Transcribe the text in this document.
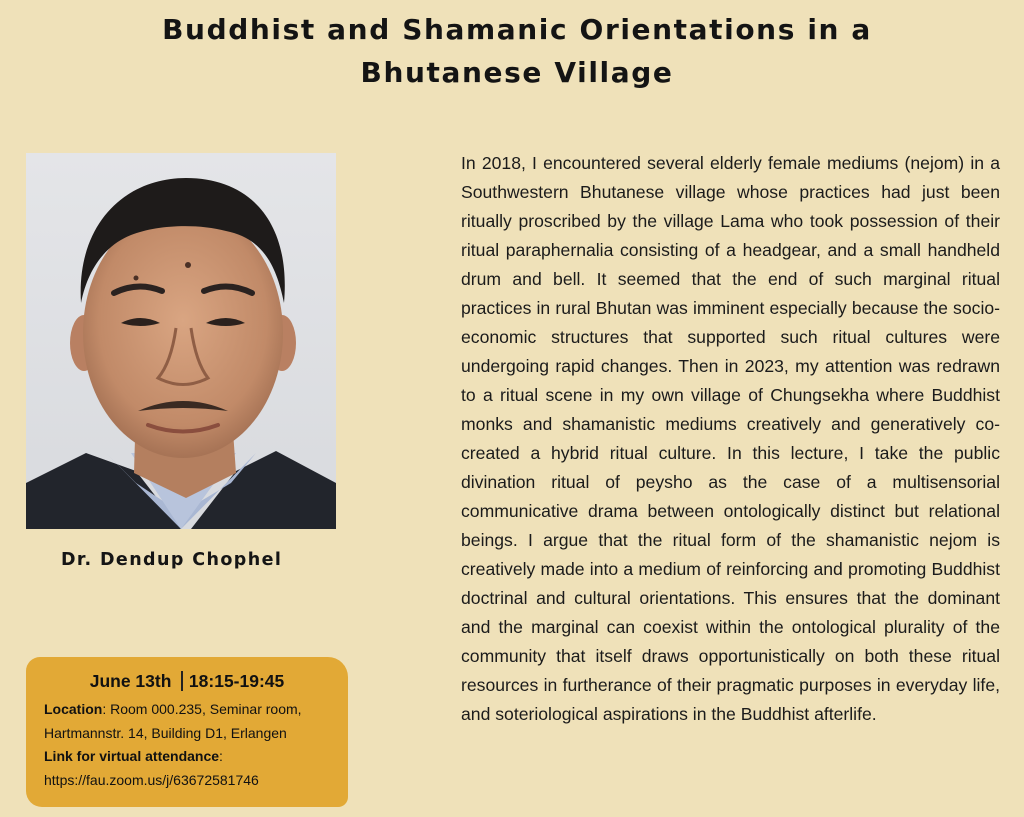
Buddhist and Shamanic Orientations in a
Bhutanese Village
Dr. Dendup Chophel
June 13th 18:15-19:45

Location: Room 000.235, Seminar room,

Hartmannstr. 14, Building D1, Erlangen

Link for virtual attendance:

https://fau.zoom.us/j/63672581746

In 2018, I encountered several elderly female mediums (nejom) in a Southwestern Bhutanese village whose practices had just been ritually proscribed by the village Lama who took possession of their ritual paraphernalia consisting of a headgear, and a small handheld drum and bell. It seemed that the end of such marginal ritual practices in rural Bhutan was imminent especially because the socio-economic structures that supported such ritual cultures were undergoing rapid changes. Then in 2023, my attention was redrawn to a ritual scene in my own village of Chungsekha where Buddhist monks and shamanistic mediums creatively and generatively co-created a hybrid ritual culture. In this lecture, I take the public divination ritual of peysho as the case of a multisensorial communicative drama between ontologically distinct but relational beings. I argue that the ritual form of the shamanistic nejom is creatively made into a medium of reinforcing and promoting Buddhist doctrinal and cultural orientations. This ensures that the dominant and the marginal can coexist within the ontological plurality of the community that itself draws opportunistically on both these ritual resources in furtherance of their pragmatic purposes in everyday life, and soteriological aspirations in the Buddhist afterlife.
